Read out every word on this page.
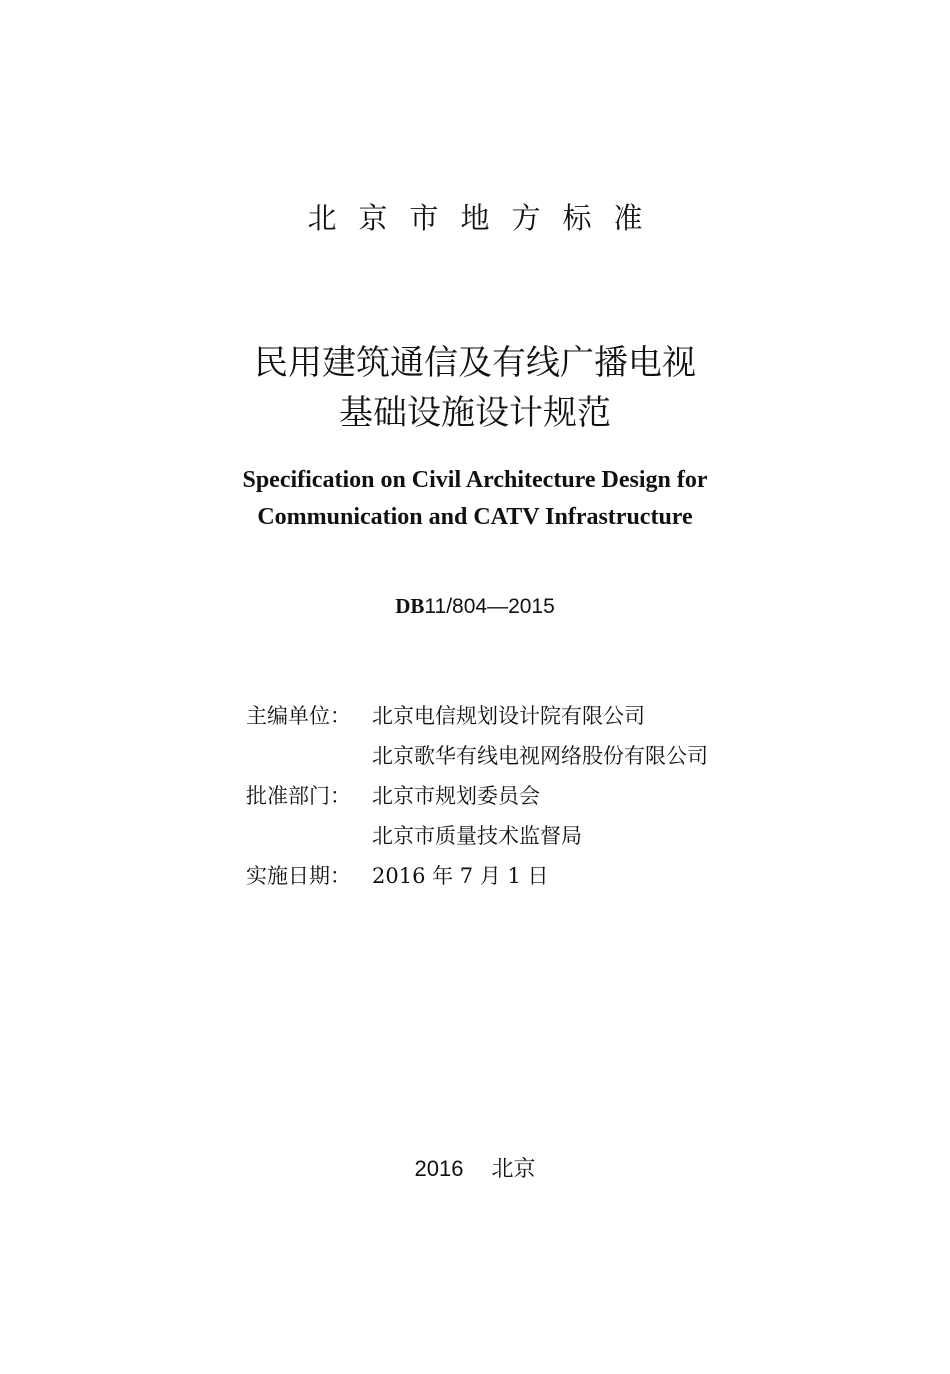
北京市地方标准
民用建筑通信及有线广播电视
基础设施设计规范
Specification on Civil Architecture Design for
Communication and CATV Infrastructure
DB11/804—2015
主编单位：	北京电信规划设计院有限公司
北京歌华有线电视网络股份有限公司
批准部门：	北京市规划委员会
北京市质量技术监督局
实施日期：	2016 年 7 月 1 日
2016 北京
